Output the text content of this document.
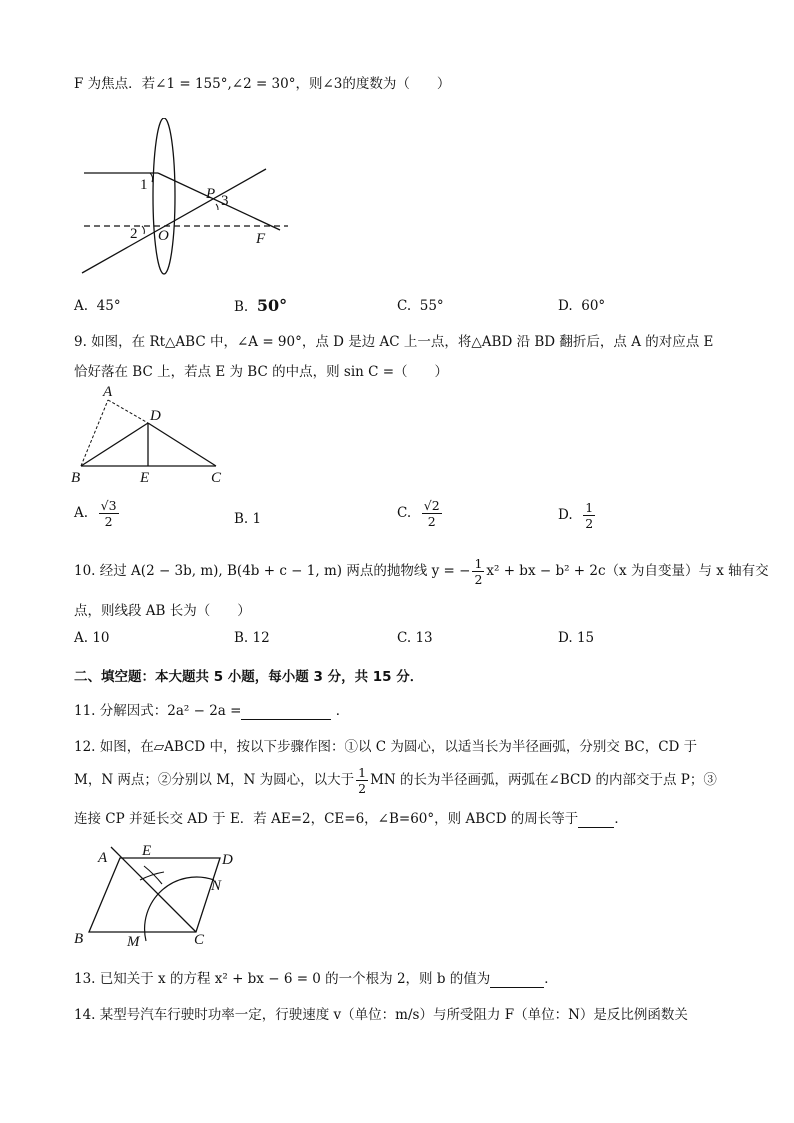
F 为焦点．若∠1 = 155°,∠2 = 30°，则∠3的度数为（　　）
1
2 O
P 3
F
A. 45°	B. 50°	C. 55°	D. 60°
9. 如图，在 Rt△ABC 中，∠A = 90°，点 D 是边 AC 上一点，将△ABD 沿 BD 翻折后，点 A 的对应点 E
恰好落在 BC 上，若点 E 为 BC 的中点，则 sin C =（　　）
A
D
B	E	C
A. $\frac{√3}{2}$	B. 1	C. $\frac{√2}{2}$	D. $\frac{1}{2}$
10. 经过 A(2 − 3b, m), B(4b + c − 1, m) 两点的抛物线 y = − $\frac{1}{2} x^2$ + bx − b² + 2c（x 为自变量）与 x 轴有交
点，则线段 AB 长为（　　）
A. 10	B. 12	C. 13	D. 15
二、填空题：本大题共 5 小题，每小题 3 分，共 15 分．
11. 分解因式：2a² − 2a =	．
12. 如图，在▱ABCD 中，按以下步骤作图：①以 C 为圆心，以适当长为半径画弧，分别交 BC，CD 于
M，N 两点；②分别以 M，N 为圆心，以大于 $\frac{1}{2}$ MN 的长为半径画弧，两弧在∠BCD 的内部交于点 P；③
连接 CP 并延长交 AD 于 E．若 AE=2，CE=6，∠B=60°，则 ABCD 的周长等于	．
A E
D
N
B	M	C
13. 已知关于 x 的方程 x² + bx − 6 = 0 的一个根为 2，则 b 的值为	．
14. 某型号汽车行驶时功率一定，行驶速度 v（单位：m/s）与所受阻力 F（单位：N）是反比例函数关
